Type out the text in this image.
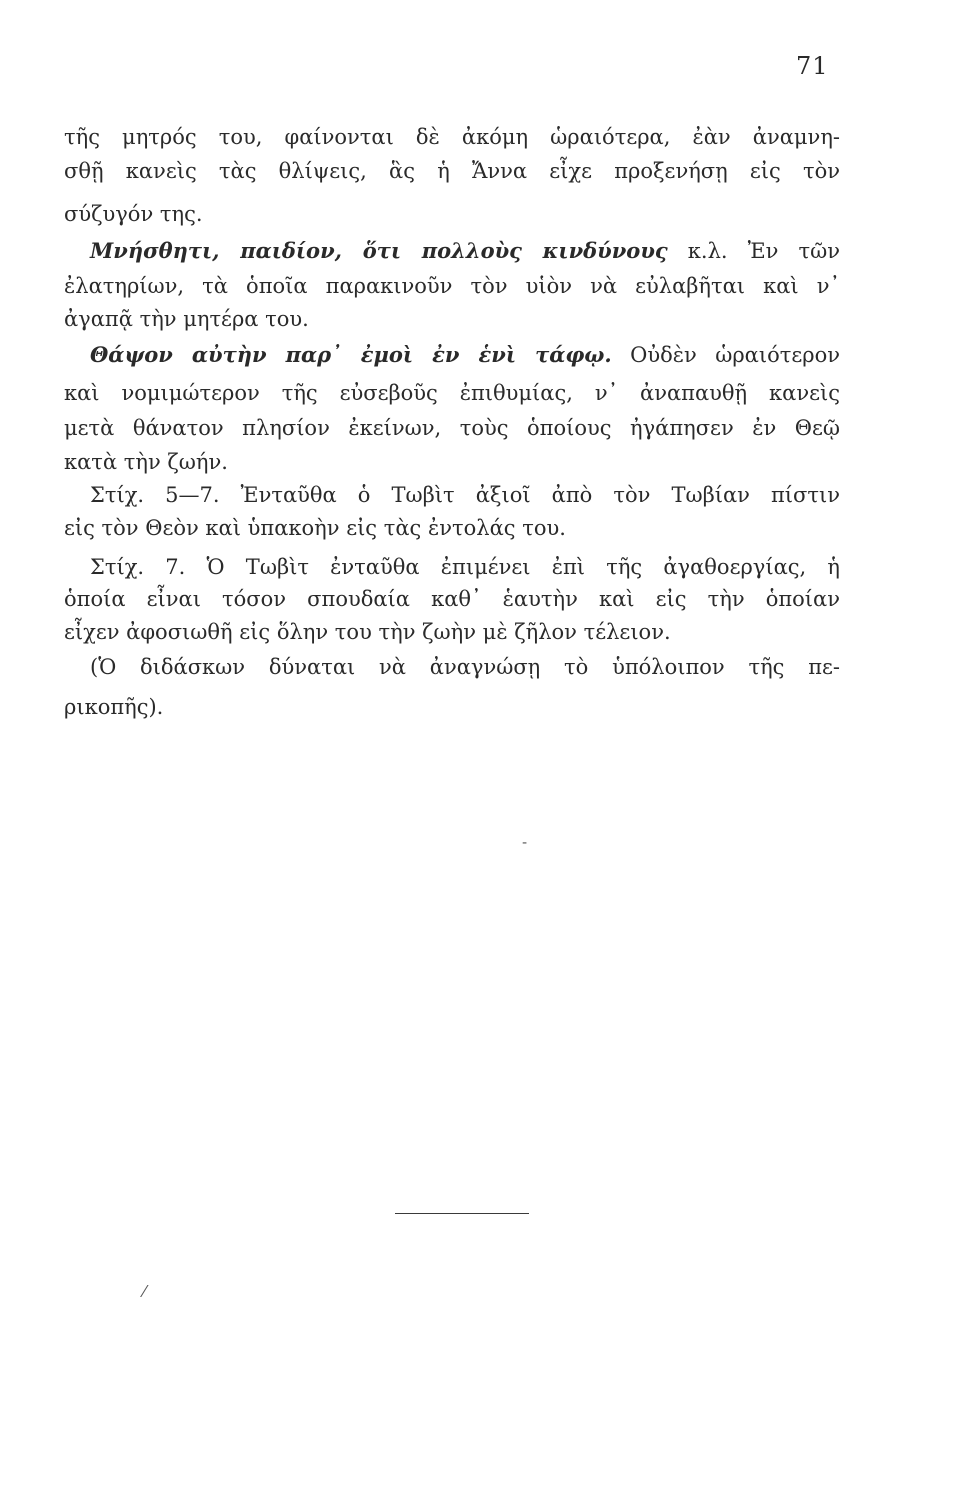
71
τῆς μητρός του, φαίνονται δὲ ἀκόμη ὡραιότερα, ἐὰν ἀναμνη-
σθῇ κανεὶς τὰς θλίψεις, ἃς ἡ Ἄννα εἶχε προξενήσῃ εἰς τὸν
σύζυγόν της.
Μνήσθητι, παιδίον, ὅτι πολλοὺς κινδύνους κ.λ. Ἐν τῶν
ἐλατηρίων, τὰ ὁποῖα παρακινοῦν τὸν υἱὸν νὰ εὐλαβῆται καὶ ν᾽
ἀγαπᾷ τὴν μητέρα του.
Θάψον αὐτὴν παρ᾽ ἐμοὶ ἐν ἑνὶ τάφῳ. Οὐδὲν ὡραιότερον
καὶ νομιμώτερον τῆς εὐσεβοῦς ἐπιθυμίας, ν᾽ ἀναπαυθῇ κανεὶς
μετὰ θάνατον πλησίον ἐκείνων, τοὺς ὁποίους ἠγάπησεν ἐν Θεῷ
κατὰ τὴν ζωήν.
Στίχ. 5—7. Ἐνταῦθα ὁ Τωβὶτ ἀξιοῖ ἀπὸ τὸν Τωβίαν πίστιν
εἰς τὸν Θεὸν καὶ ὑπακοὴν εἰς τὰς ἐντολάς του.
Στίχ. 7. Ὁ Τωβὶτ ἐνταῦθα ἐπιμένει ἐπὶ τῆς ἀγαθοεργίας, ἡ
ὁποία εἶναι τόσον σπουδαία καθ᾽ ἑαυτὴν καὶ εἰς τὴν ὁποίαν
εἶχεν ἀφοσιωθῆ εἰς ὅλην του τὴν ζωὴν μὲ ζῆλον τέλειον.
(Ὁ διδάσκων δύναται νὰ ἀναγνώσῃ τὸ ὑπόλοιπον τῆς πε-
ρικοπῆς).
˗
⁄
